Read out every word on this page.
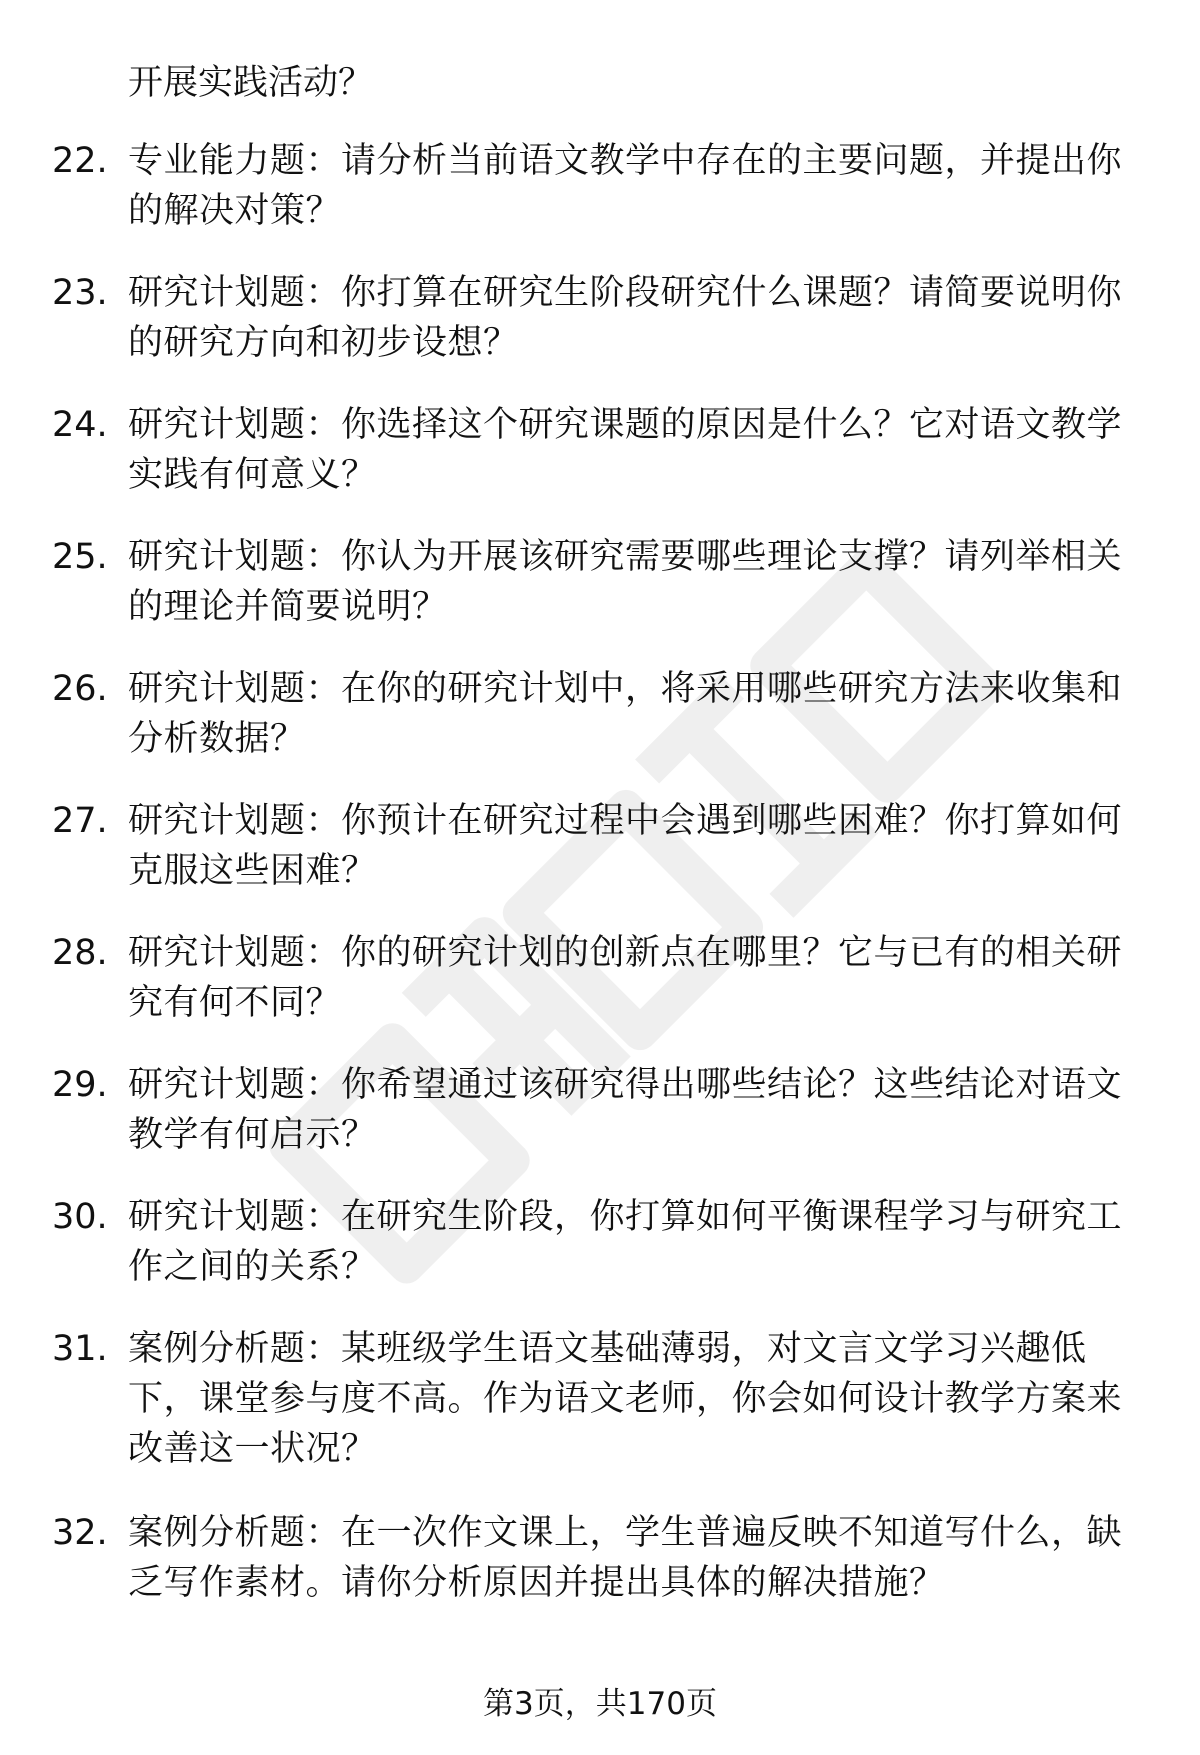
开展实践活动？
22. 专业能力题：请分析当前语文教学中存在的主要问题，并提出你的解决对策？
23. 研究计划题：你打算在研究生阶段研究什么课题？请简要说明你的研究方向和初步设想？
24. 研究计划题：你选择这个研究课题的原因是什么？它对语文教学实践有何意义？
25. 研究计划题：你认为开展该研究需要哪些理论支撑？请列举相关的理论并简要说明？
26. 研究计划题：在你的研究计划中，将采用哪些研究方法来收集和分析数据？
27. 研究计划题：你预计在研究过程中会遇到哪些困难？你打算如何克服这些困难？
28. 研究计划题：你的研究计划的创新点在哪里？它与已有的相关研究有何不同？
29. 研究计划题：你希望通过该研究得出哪些结论？这些结论对语文教学有何启示？
30. 研究计划题：在研究生阶段，你打算如何平衡课程学习与研究工作之间的关系？
31. 案例分析题：某班级学生语文基础薄弱，对文言文学习兴趣低下，课堂参与度不高。作为语文老师，你会如何设计教学方案来改善这一状况？
32. 案例分析题：在一次作文课上，学生普遍反映不知道写什么，缺乏写作素材。请你分析原因并提出具体的解决措施？
第3页，共170页
